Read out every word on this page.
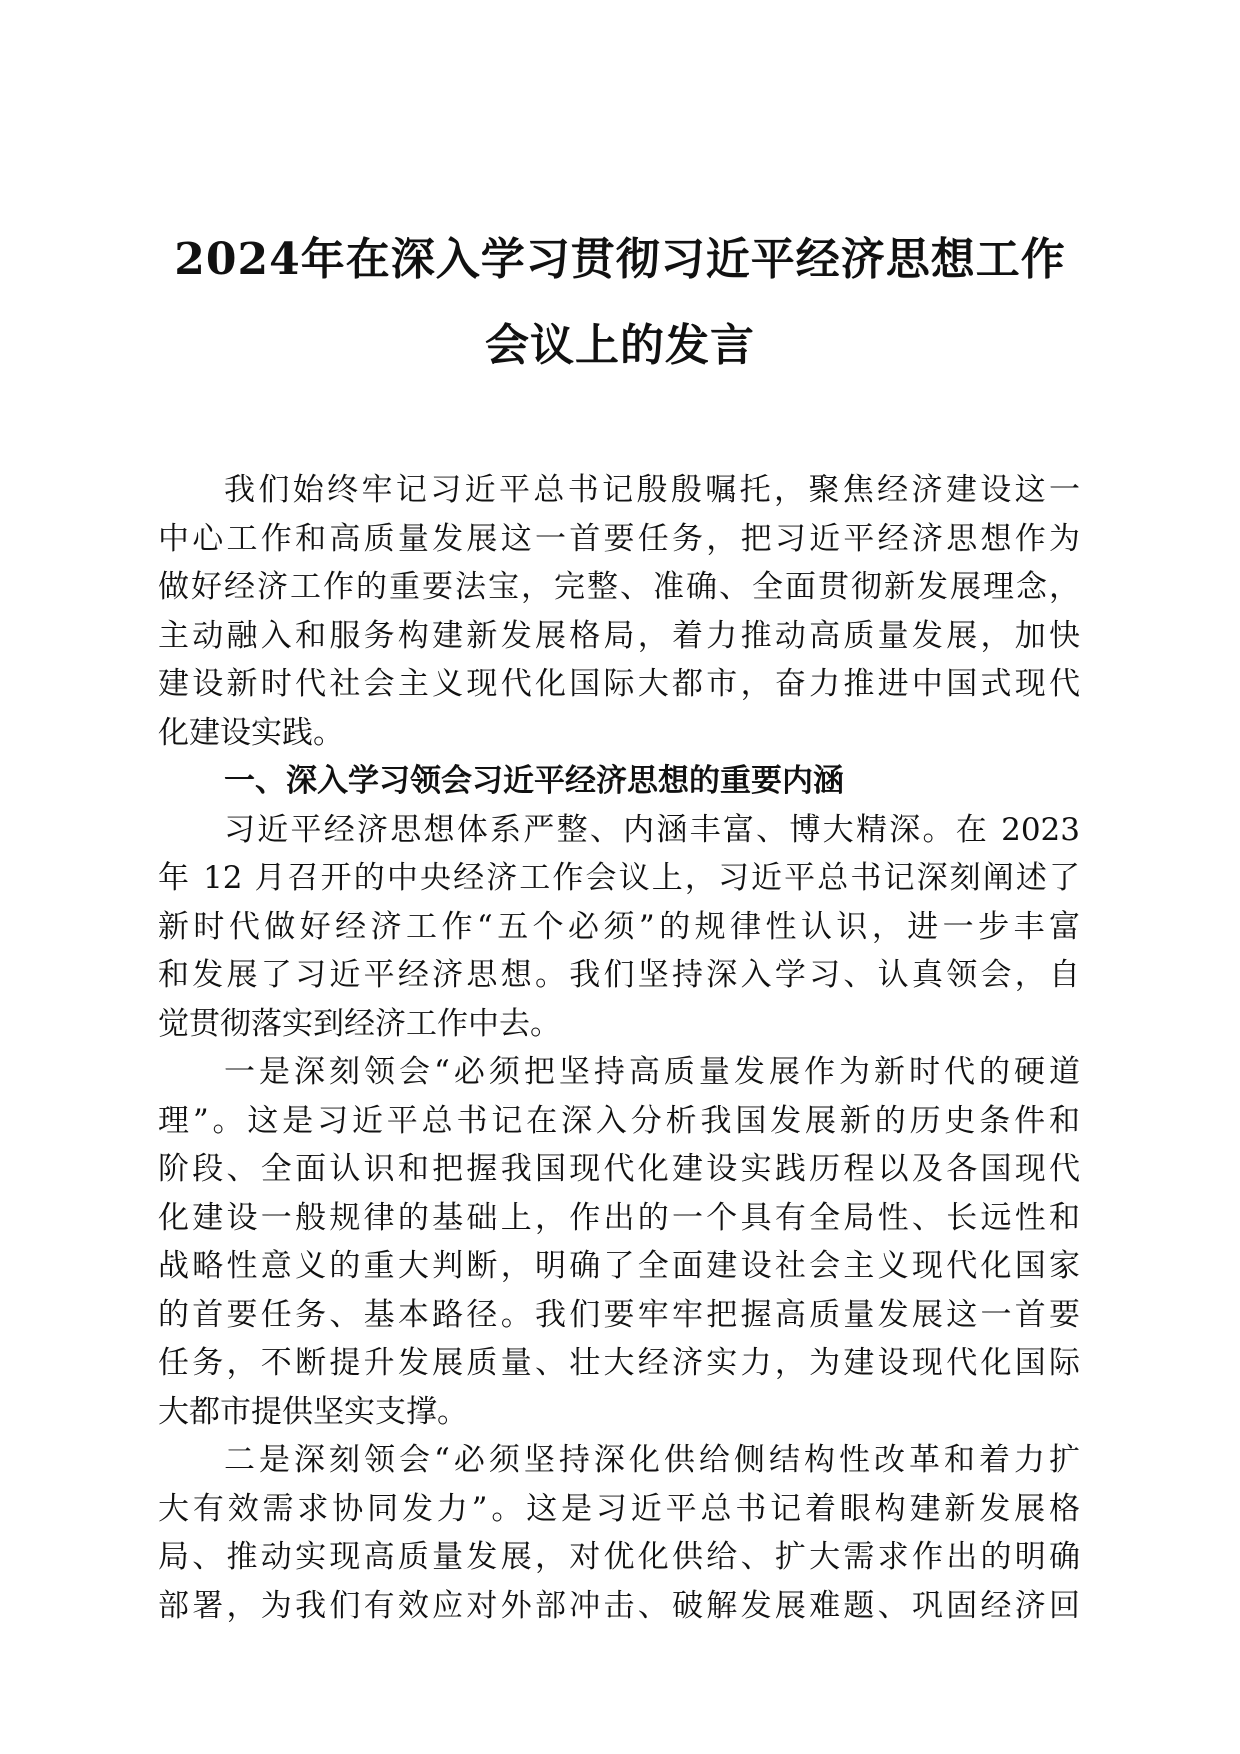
2024年在深入学习贯彻习近平经济思想工作
会议上的发言
我们始终牢记习近平总书记殷殷嘱托，聚焦经济建设这一
中心工作和高质量发展这一首要任务，把习近平经济思想作为
做好经济工作的重要法宝，完整、准确、全面贯彻新发展理念，
主动融入和服务构建新发展格局，着力推动高质量发展，加快
建设新时代社会主义现代化国际大都市，奋力推进中国式现代
化建设实践。
一、深入学习领会习近平经济思想的重要内涵
习近平经济思想体系严整、内涵丰富、博大精深。在 2023
年 12 月召开的中央经济工作会议上，习近平总书记深刻阐述了
新时代做好经济工作“五个必须”的规律性认识，进一步丰富
和发展了习近平经济思想。我们坚持深入学习、认真领会，自
觉贯彻落实到经济工作中去。
一是深刻领会“必须把坚持高质量发展作为新时代的硬道
理”。这是习近平总书记在深入分析我国发展新的历史条件和
阶段、全面认识和把握我国现代化建设实践历程以及各国现代
化建设一般规律的基础上，作出的一个具有全局性、长远性和
战略性意义的重大判断，明确了全面建设社会主义现代化国家
的首要任务、基本路径。我们要牢牢把握高质量发展这一首要
任务，不断提升发展质量、壮大经济实力，为建设现代化国际
大都市提供坚实支撑。
二是深刻领会“必须坚持深化供给侧结构性改革和着力扩
大有效需求协同发力”。这是习近平总书记着眼构建新发展格
局、推动实现高质量发展，对优化供给、扩大需求作出的明确
部署，为我们有效应对外部冲击、破解发展难题、巩固经济回
